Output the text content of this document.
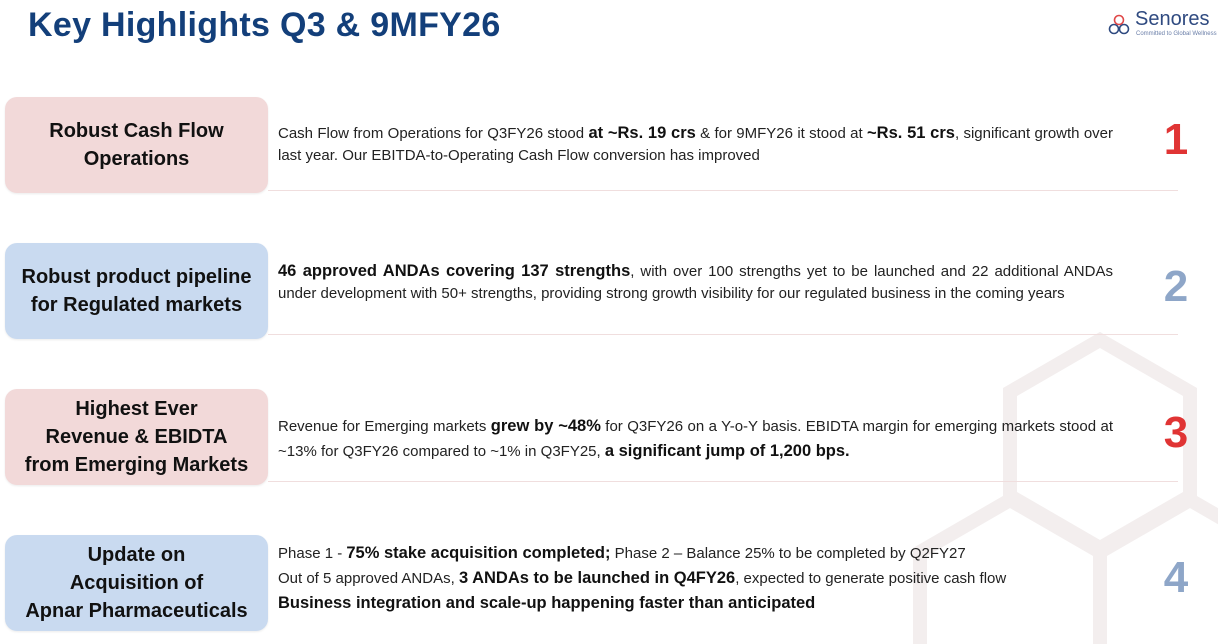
Key Highlights Q3 & 9MFY26	Senores
Committed to Global Wellness
Robust Cash Flow
Operations
Cash Flow from Operations for Q3FY26 stood at ~Rs. 19 crs & for 9MFY26 it stood at ~Rs. 51 crs, significant growth over last year. Our EBITDA-to-Operating Cash Flow conversion has improved	1
Robust product pipeline
for Regulated markets
46 approved ANDAs covering 137 strengths, with over 100 strengths yet to be launched and 22 additional ANDAs under development with 50+ strengths, providing strong growth visibility for our regulated business in the coming years	2
Highest Ever
Revenue & EBIDTA
from Emerging Markets
Revenue for Emerging markets grew by ~48% for Q3FY26 on a Y-o-Y basis. EBIDTA margin for emerging markets stood at ~13% for Q3FY26 compared to ~1% in Q3FY25, a significant jump of 1,200 bps.	3
Update on
Acquisition of
Apnar Pharmaceuticals
Phase 1 - 75% stake acquisition completed; Phase 2 – Balance 25% to be completed by Q2FY27
Out of 5 approved ANDAs, 3 ANDAs to be launched in Q4FY26, expected to generate positive cash flow
Business integration and scale-up happening faster than anticipated
4
